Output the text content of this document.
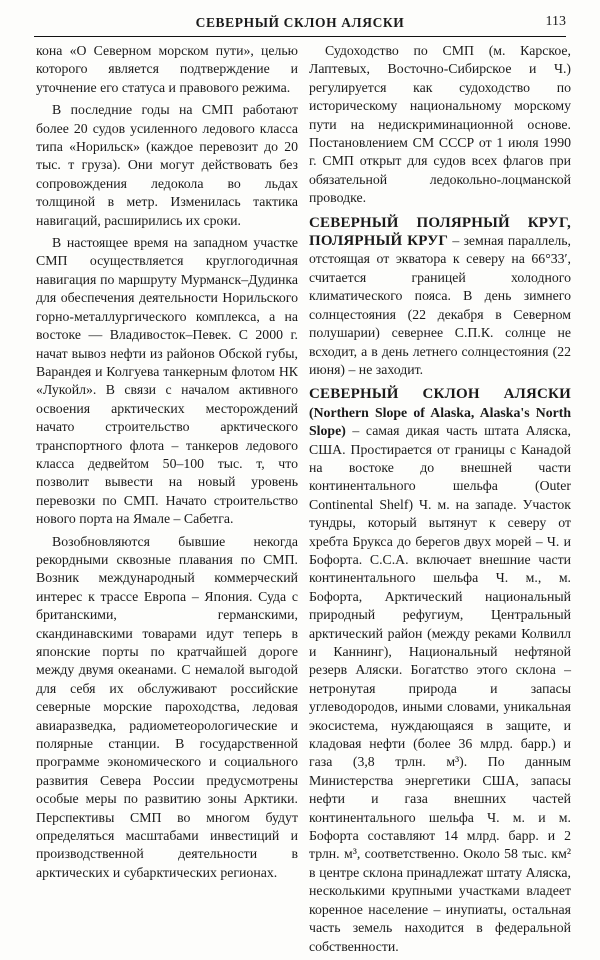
СЕВЕРНЫЙ СКЛОН АЛЯСКИ	113

кона «О Северном морском пути», целью которого является подтверждение и уточнение его статуса и правового режима.

В последние годы на СМП работают более 20 судов усиленного ледового класса типа «Норильск» (каждое перевозит до 20 тыс. т груза). Они могут действовать без сопровождения ледокола во льдах толщиной в метр. Изменилась тактика навигаций, расширились их сроки.

В настоящее время на западном участке СМП осуществляется круглогодичная навигация по маршруту Мурманск–Дудинка для обеспечения деятельности Норильского горно-металлургического комплекса, а на востоке — Владивосток–Певек. С 2000 г. начат вывоз нефти из районов Обской губы, Варандея и Колгуева танкерным флотом НК «Лукойл». В связи с началом активного освоения арктических месторождений начато строительство арктического транспортного флота – танкеров ледового класса дедвейтом 50–100 тыс. т, что позволит вывести на новый уровень перевозки по СМП. Начато строительство нового порта на Ямале – Сабетга.

Возобновляются бывшие некогда рекордными сквозные плавания по СМП. Возник международный коммерческий интерес к трассе Европа – Япония. Суда с британскими, германскими, скандинавскими товарами идут теперь в японские порты по кратчайшей дороге между двумя океанами. С немалой выгодой для себя их обслуживают российские северные морские пароходства, ледовая авиаразведка, радиометеорологические и полярные станции. В государственной программе экономического и социального развития Севера России предусмотрены особые меры по развитию зоны Арктики. Перспективы СМП во многом будут определяться масштабами инвестиций и производственной деятельности в арктических и субарктических регионах.

Судоходство по СМП (м. Карское, Лаптевых, Восточно-Сибирское и Ч.) регулируется как судоходство по историческому национальному морскому пути на недискриминационной основе. Постановлением СМ СССР от 1 июля 1990 г. СМП открыт для судов всех флагов при обязательной ледокольно-лоцманской проводке.

СЕВЕРНЫЙ ПОЛЯРНЫЙ КРУГ, ПОЛЯРНЫЙ КРУГ – земная параллель, отстоящая от экватора к северу на 66°33′, считается границей холодного климатического пояса. В день зимнего солнцестояния (22 декабря в Северном полушарии) севернее С.П.К. солнце не всходит, а в день летнего солнцестояния (22 июня) – не заходит.

СЕВЕРНЫЙ СКЛОН АЛЯСКИ (Northern Slope of Alaska, Alaska's North Slope) – самая дикая часть штата Аляска, США. Простирается от границы с Канадой на востоке до внешней части континентального шельфа (Outer Continental Shelf) Ч. м. на западе. Участок тундры, который вытянут к северу от хребта Брукса до берегов двух морей – Ч. и Бофорта. С.С.А. включает внешние части континентального шельфа Ч. м., м. Бофорта, Арктический национальный природный рефугиум, Центральный арктический район (между реками Колвилл и Каннинг), Национальный нефтяной резерв Аляски. Богатство этого склона – нетронутая природа и запасы углеводородов, иными словами, уникальная экосистема, нуждающаяся в защите, и кладовая нефти (более 36 млрд. барр.) и газа (3,8 трлн. м³). По данным Министерства энергетики США, запасы нефти и газа внешних частей континентального шельфа Ч. м. и м. Бофорта составляют 14 млрд. барр. и 2 трлн. м³, соответственно. Около 58 тыс. км² в центре склона принадлежат штату Аляска, несколькими крупными участками владеет коренное население – инупиаты, остальная часть земель находится в федеральной собственности.
